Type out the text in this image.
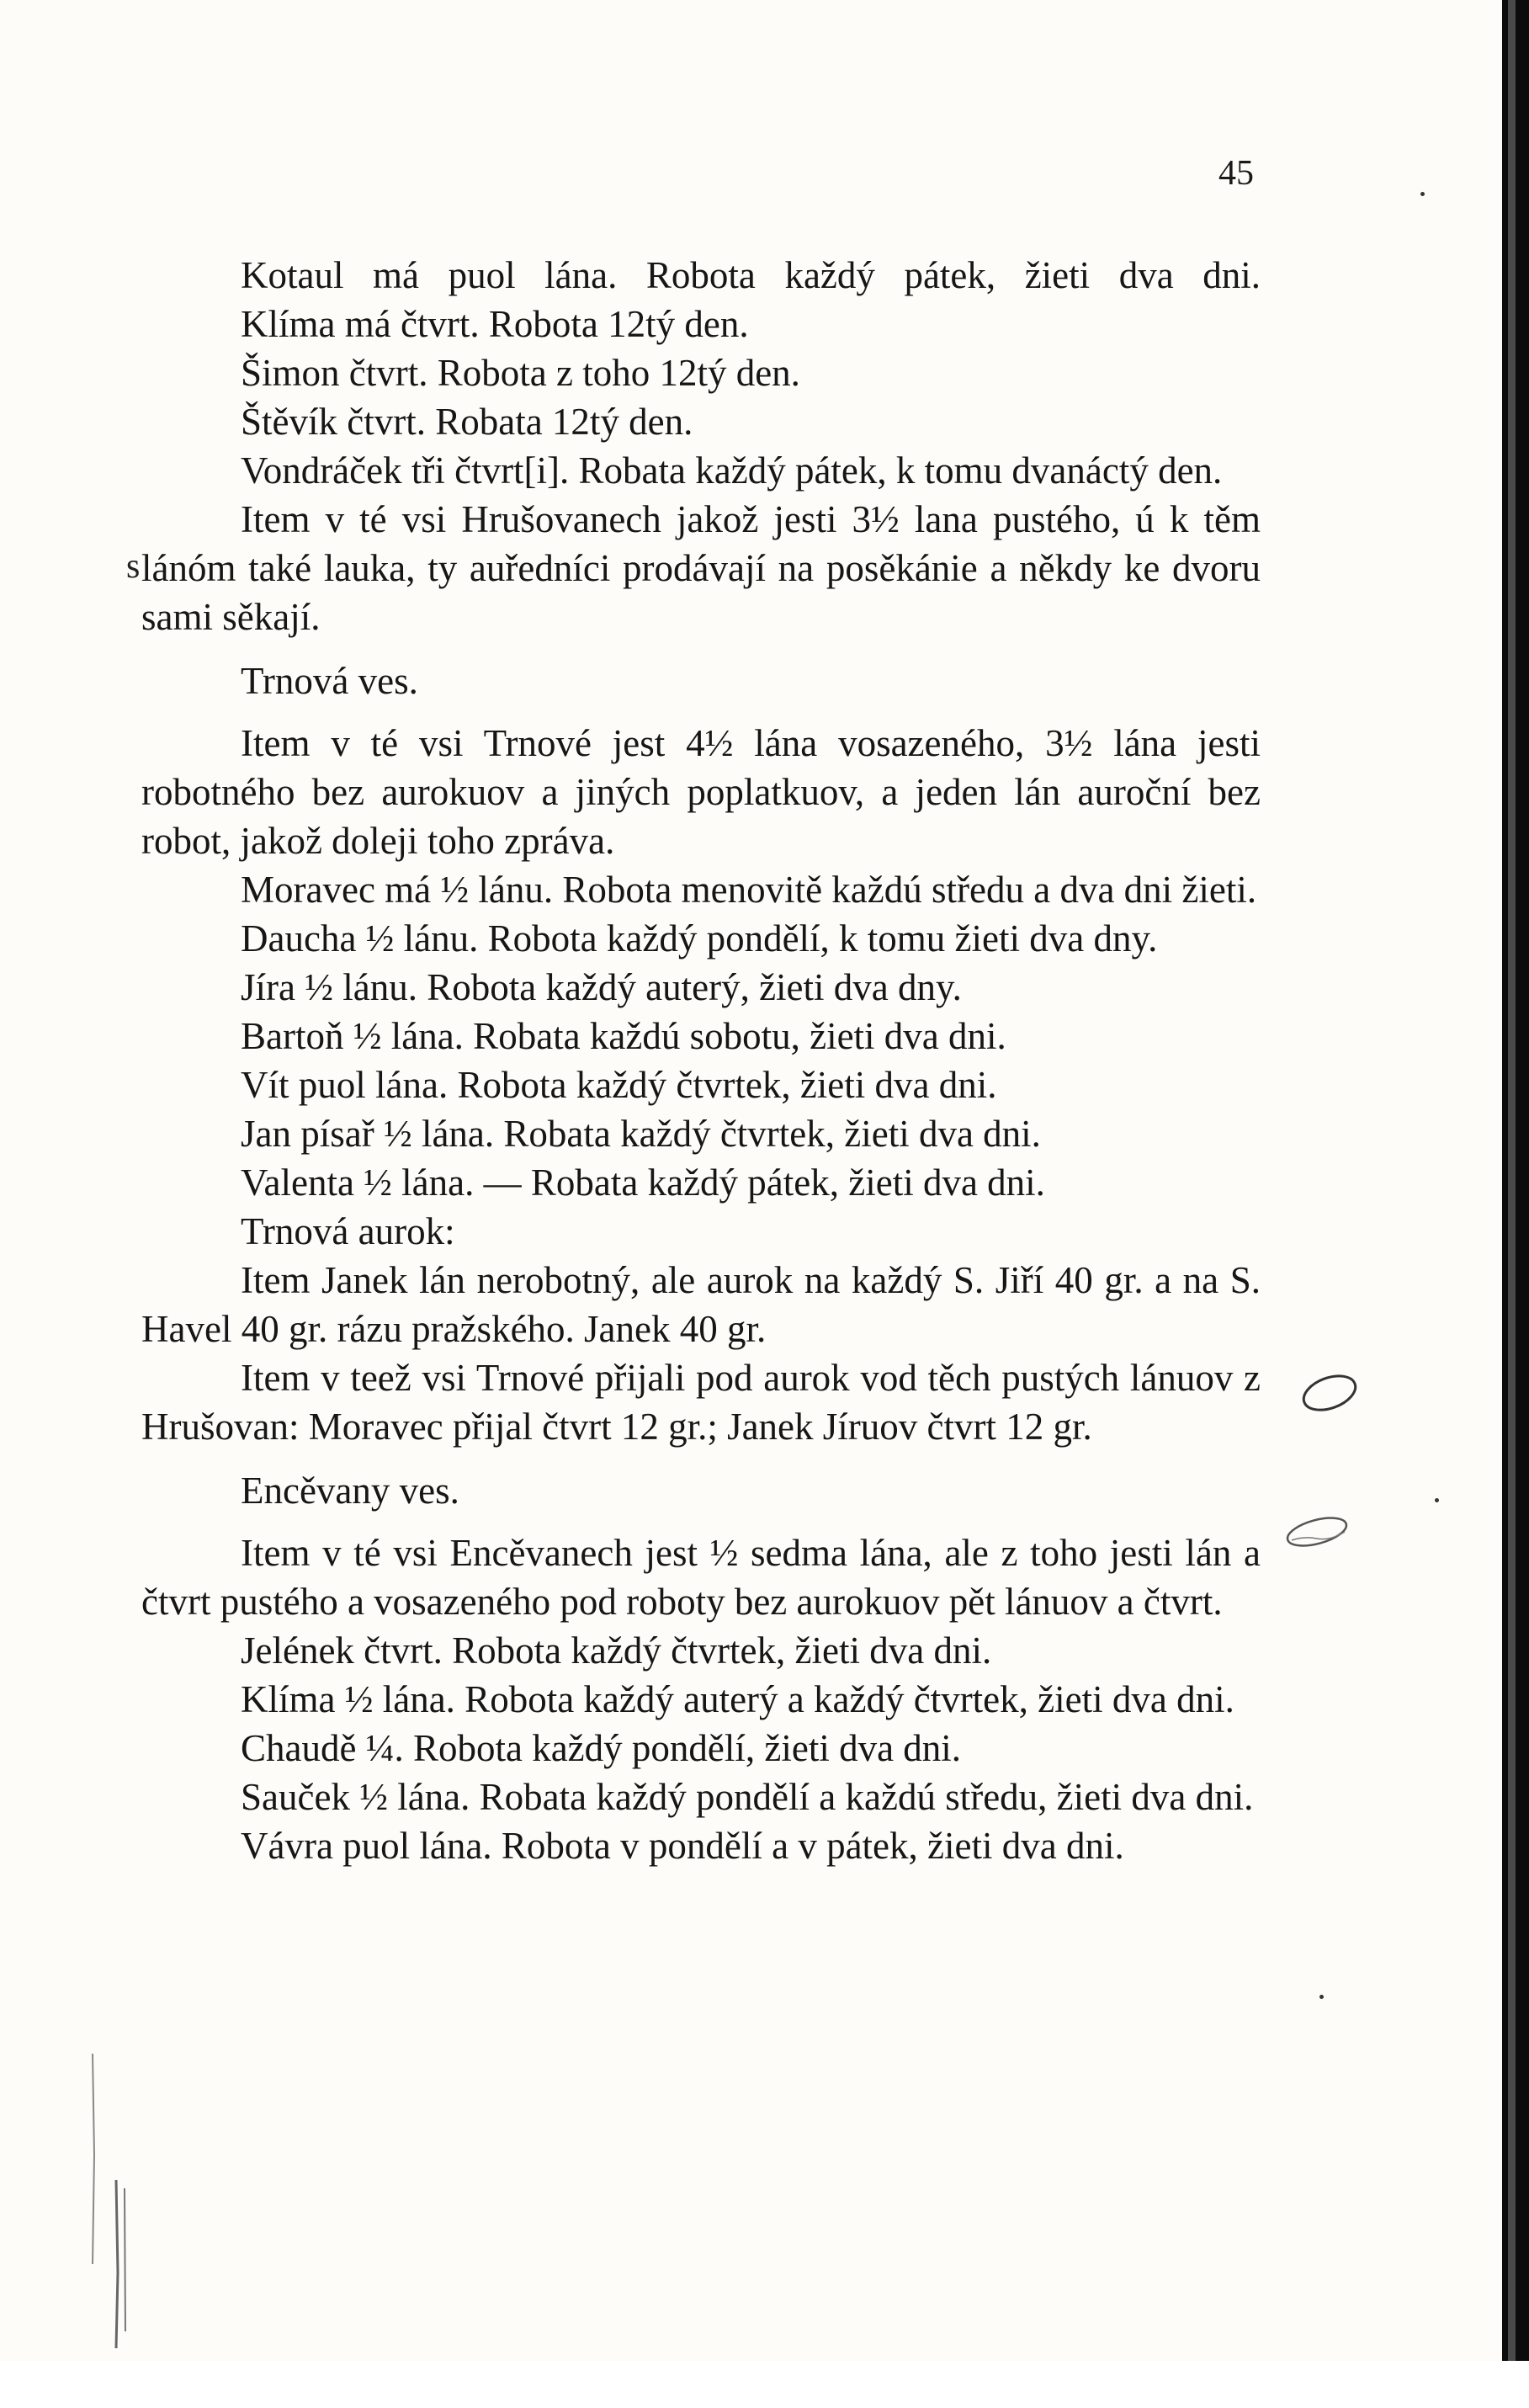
45
s

Kotaul má puol lána. Robota každý pátek, žieti dva dni.

Klíma má čtvrt. Robota 12tý den.

Šimon čtvrt. Robota z toho 12tý den.

Štěvík čtvrt. Robata 12tý den.

Vondráček tři čtvrt[i]. Robata každý pátek, k tomu dvanáctý den.

Item v té vsi Hrušovanech jakož jesti 3½ lana pustého, ú k těm lánóm také lauka, ty auředníci prodávají na posěkánie a někdy ke dvoru sami sěkají.

Trnová ves.

Item v té vsi Trnové jest 4½ lána vosazeného, 3½ lána jesti robotného bez aurokuov a jiných poplatkuov, a jeden lán auroční bez robot, jakož doleji toho zpráva.

Moravec má ½ lánu. Robota menovitě každú středu a dva dni žieti.

Daucha ½ lánu. Robota každý pondělí, k tomu žieti dva dny.

Jíra ½ lánu. Robota každý auterý, žieti dva dny.

Bartoň ½ lána. Robata každú sobotu, žieti dva dni.

Vít puol lána. Robota každý čtvrtek, žieti dva dni.

Jan písař ½ lána. Robata každý čtvrtek, žieti dva dni.

Valenta ½ lána. — Robata každý pátek, žieti dva dni.

Trnová aurok:

Item Janek lán nerobotný, ale aurok na každý S. Jiří 40 gr. a na S. Havel 40 gr. rázu pražského. Janek 40 gr.

Item v teež vsi Trnové přijali pod aurok vod těch pustých lánuov z Hrušovan: Moravec přijal čtvrt 12 gr.; Janek Jíruov čtvrt 12 gr.

Encěvany ves.

Item v té vsi Encěvanech jest ½ sedma lána, ale z toho jesti lán a čtvrt pustého a vosazeného pod roboty bez aurokuov pět lánuov a čtvrt.

Jelének čtvrt. Robota každý čtvrtek, žieti dva dni.

Klíma ½ lána. Robota každý auterý a každý čtvrtek, žieti dva dni.

Chaudě ¼. Robota každý pondělí, žieti dva dni.

Sauček ½ lána. Robata každý pondělí a každú středu, žieti dva dni.

Vávra puol lána. Robota v pondělí a v pátek, žieti dva dni.
